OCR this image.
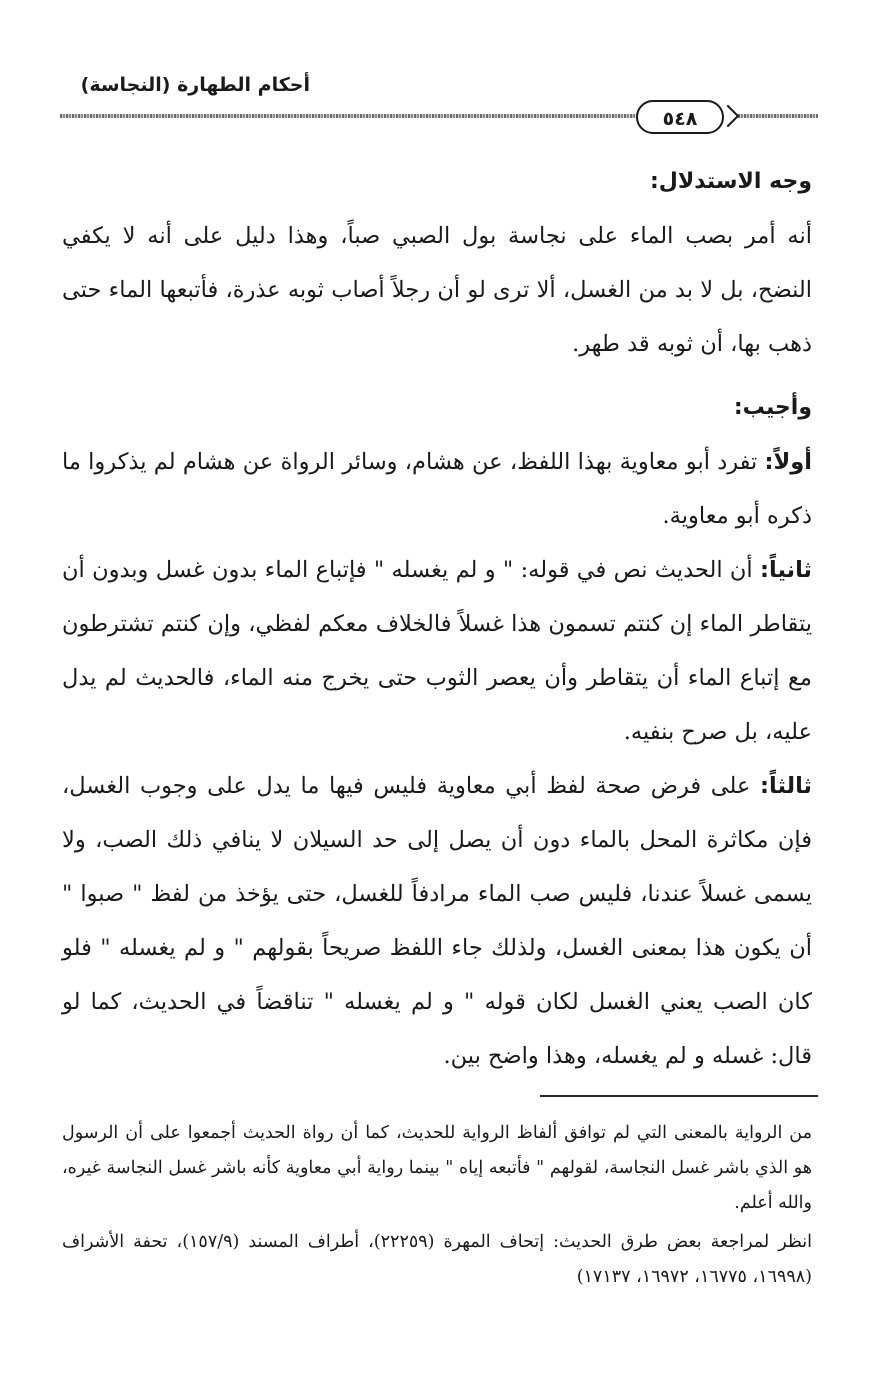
أحكام الطهارة (النجاسة)
٥٤٨

وجه الاستدلال:

أنه أمر بصب الماء على نجاسة بول الصبي صباً، وهذا دليل على أنه لا يكفي النضح، بل لا بد من الغسل، ألا ترى لو أن رجلاً أصاب ثوبه عذرة، فأتبعها الماء حتى ذهب بها، أن ثوبه قد طهر.

وأجيب:

أولاً: تفرد أبو معاوية بهذا اللفظ، عن هشام، وسائر الرواة عن هشام لم يذكروا ما ذكره أبو معاوية.

ثانياً: أن الحديث نص في قوله: " و لم يغسله " فإتباع الماء بدون غسل وبدون أن يتقاطر الماء إن كنتم تسمون هذا غسلاً فالخلاف معكم لفظي، وإن كنتم تشترطون مع إتباع الماء أن يتقاطر وأن يعصر الثوب حتى يخرج منه الماء، فالحديث لم يدل عليه، بل صرح بنفيه.

ثالثاً: على فرض صحة لفظ أبي معاوية فليس فيها ما يدل على وجوب الغسل، فإن مكاثرة المحل بالماء دون أن يصل إلى حد السيلان لا ينافي ذلك الصب، ولا يسمى غسلاً عندنا، فليس صب الماء مرادفاً للغسل، حتى يؤخذ من لفظ " صبوا " أن يكون هذا بمعنى الغسل، ولذلك جاء اللفظ صريحاً بقولهم " و لم يغسله " فلو كان الصب يعني الغسل لكان قوله " و لم يغسله " تناقضاً في الحديث، كما لو قال: غسله و لم يغسله، وهذا واضح بين.

من الرواية بالمعنى التي لم توافق ألفاظ الرواية للحديث، كما أن رواة الحديث أجمعوا على أن الرسول هو الذي باشر غسل النجاسة، لقولهم " فأتبعه إياه " بينما رواية أبي معاوية كأنه باشر غسل النجاسة غيره، والله أعلم.

انظر لمراجعة بعض طرق الحديث: إتحاف المهرة (٢٢٢٥٩)، أطراف المسند (١٥٧/٩)، تحفة الأشراف (١٦٩٩٨، ١٦٧٧٥، ١٦٩٧٢، ١٧١٣٧)
